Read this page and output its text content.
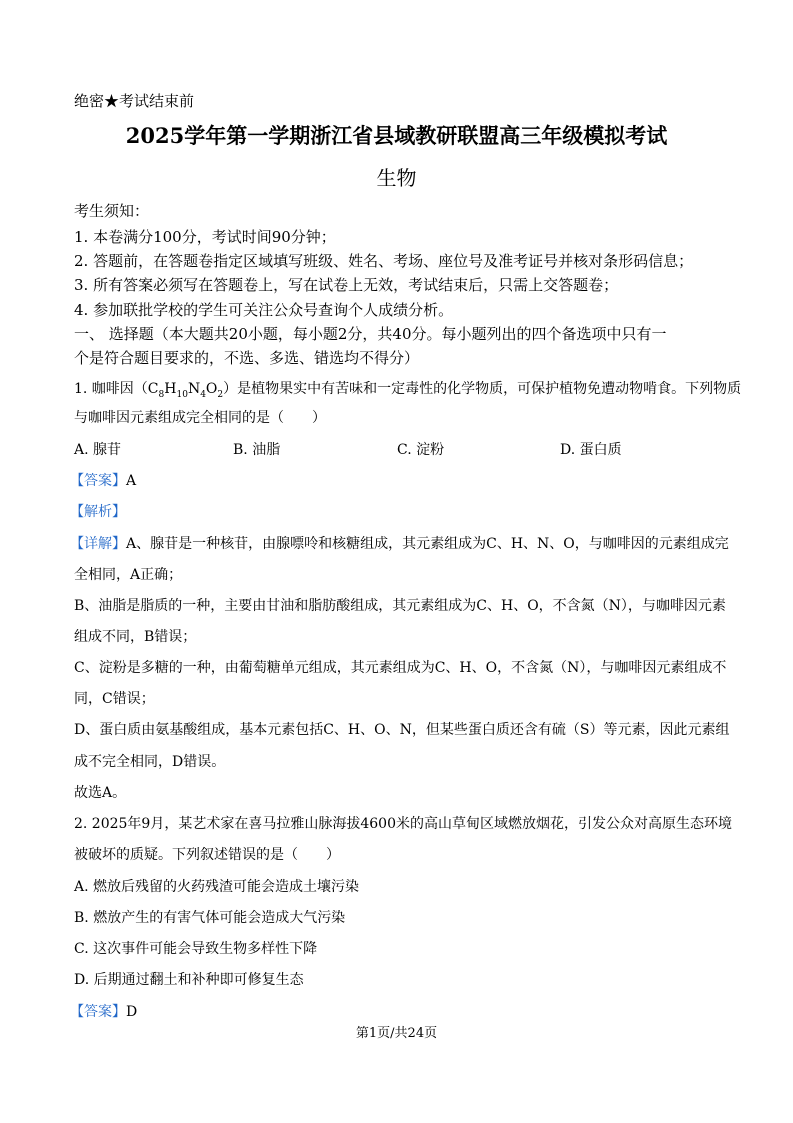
绝密★考试结束前
2025学年第一学期浙江省县域教研联盟高三年级模拟考试
生物
考生须知：
1. 本卷满分100分，考试时间90分钟；
2. 答题前，在答题卷指定区域填写班级、姓名、考场、座位号及准考证号并核对条形码信息；
3. 所有答案必须写在答题卷上，写在试卷上无效，考试结束后，只需上交答题卷；
4. 参加联批学校的学生可关注公众号查询个人成绩分析。
一、 选择题（本大题共20小题，每小题2分，共40分。每小题列出的四个备选项中只有一
个是符合题目要求的，不选、多选、错选均不得分）
1. 咖啡因$(C_8H_{10}N_4O_2)$是植物果实中有苦味和一定毒性的化学物质，可保护植物免遭动物啃食。下列物质
与咖啡因元素组成完全相同的是（　　）
A. 腺苷	B. 油脂	C. 淀粉	D. 蛋白质
【答案】A
【解析】
【详解】A、腺苷是一种核苷，由腺嘌呤和核糖组成，其元素组成为C、H、N、O，与咖啡因的元素组成完
全相同，A正确；
B、油脂是脂质的一种，主要由甘油和脂肪酸组成，其元素组成为C、H、O，不含氮（N），与咖啡因元素
组成不同，B错误；
C、淀粉是多糖的一种，由葡萄糖单元组成，其元素组成为C、H、O，不含氮（N），与咖啡因元素组成不
同，C错误；
D、蛋白质由氨基酸组成，基本元素包括C、H、O、N，但某些蛋白质还含有硫（S）等元素，因此元素组
成不完全相同，D错误。
故选A。
2. 2025年9月，某艺术家在喜马拉雅山脉海拔4600米的高山草甸区域燃放烟花，引发公众对高原生态环境
被破坏的质疑。下列叙述错误的是（　　）
A. 燃放后残留的火药残渣可能会造成土壤污染
B. 燃放产生的有害气体可能会造成大气污染
C. 这次事件可能会导致生物多样性下降
D. 后期通过翻土和补种即可修复生态
【答案】D
第1页/共24页
